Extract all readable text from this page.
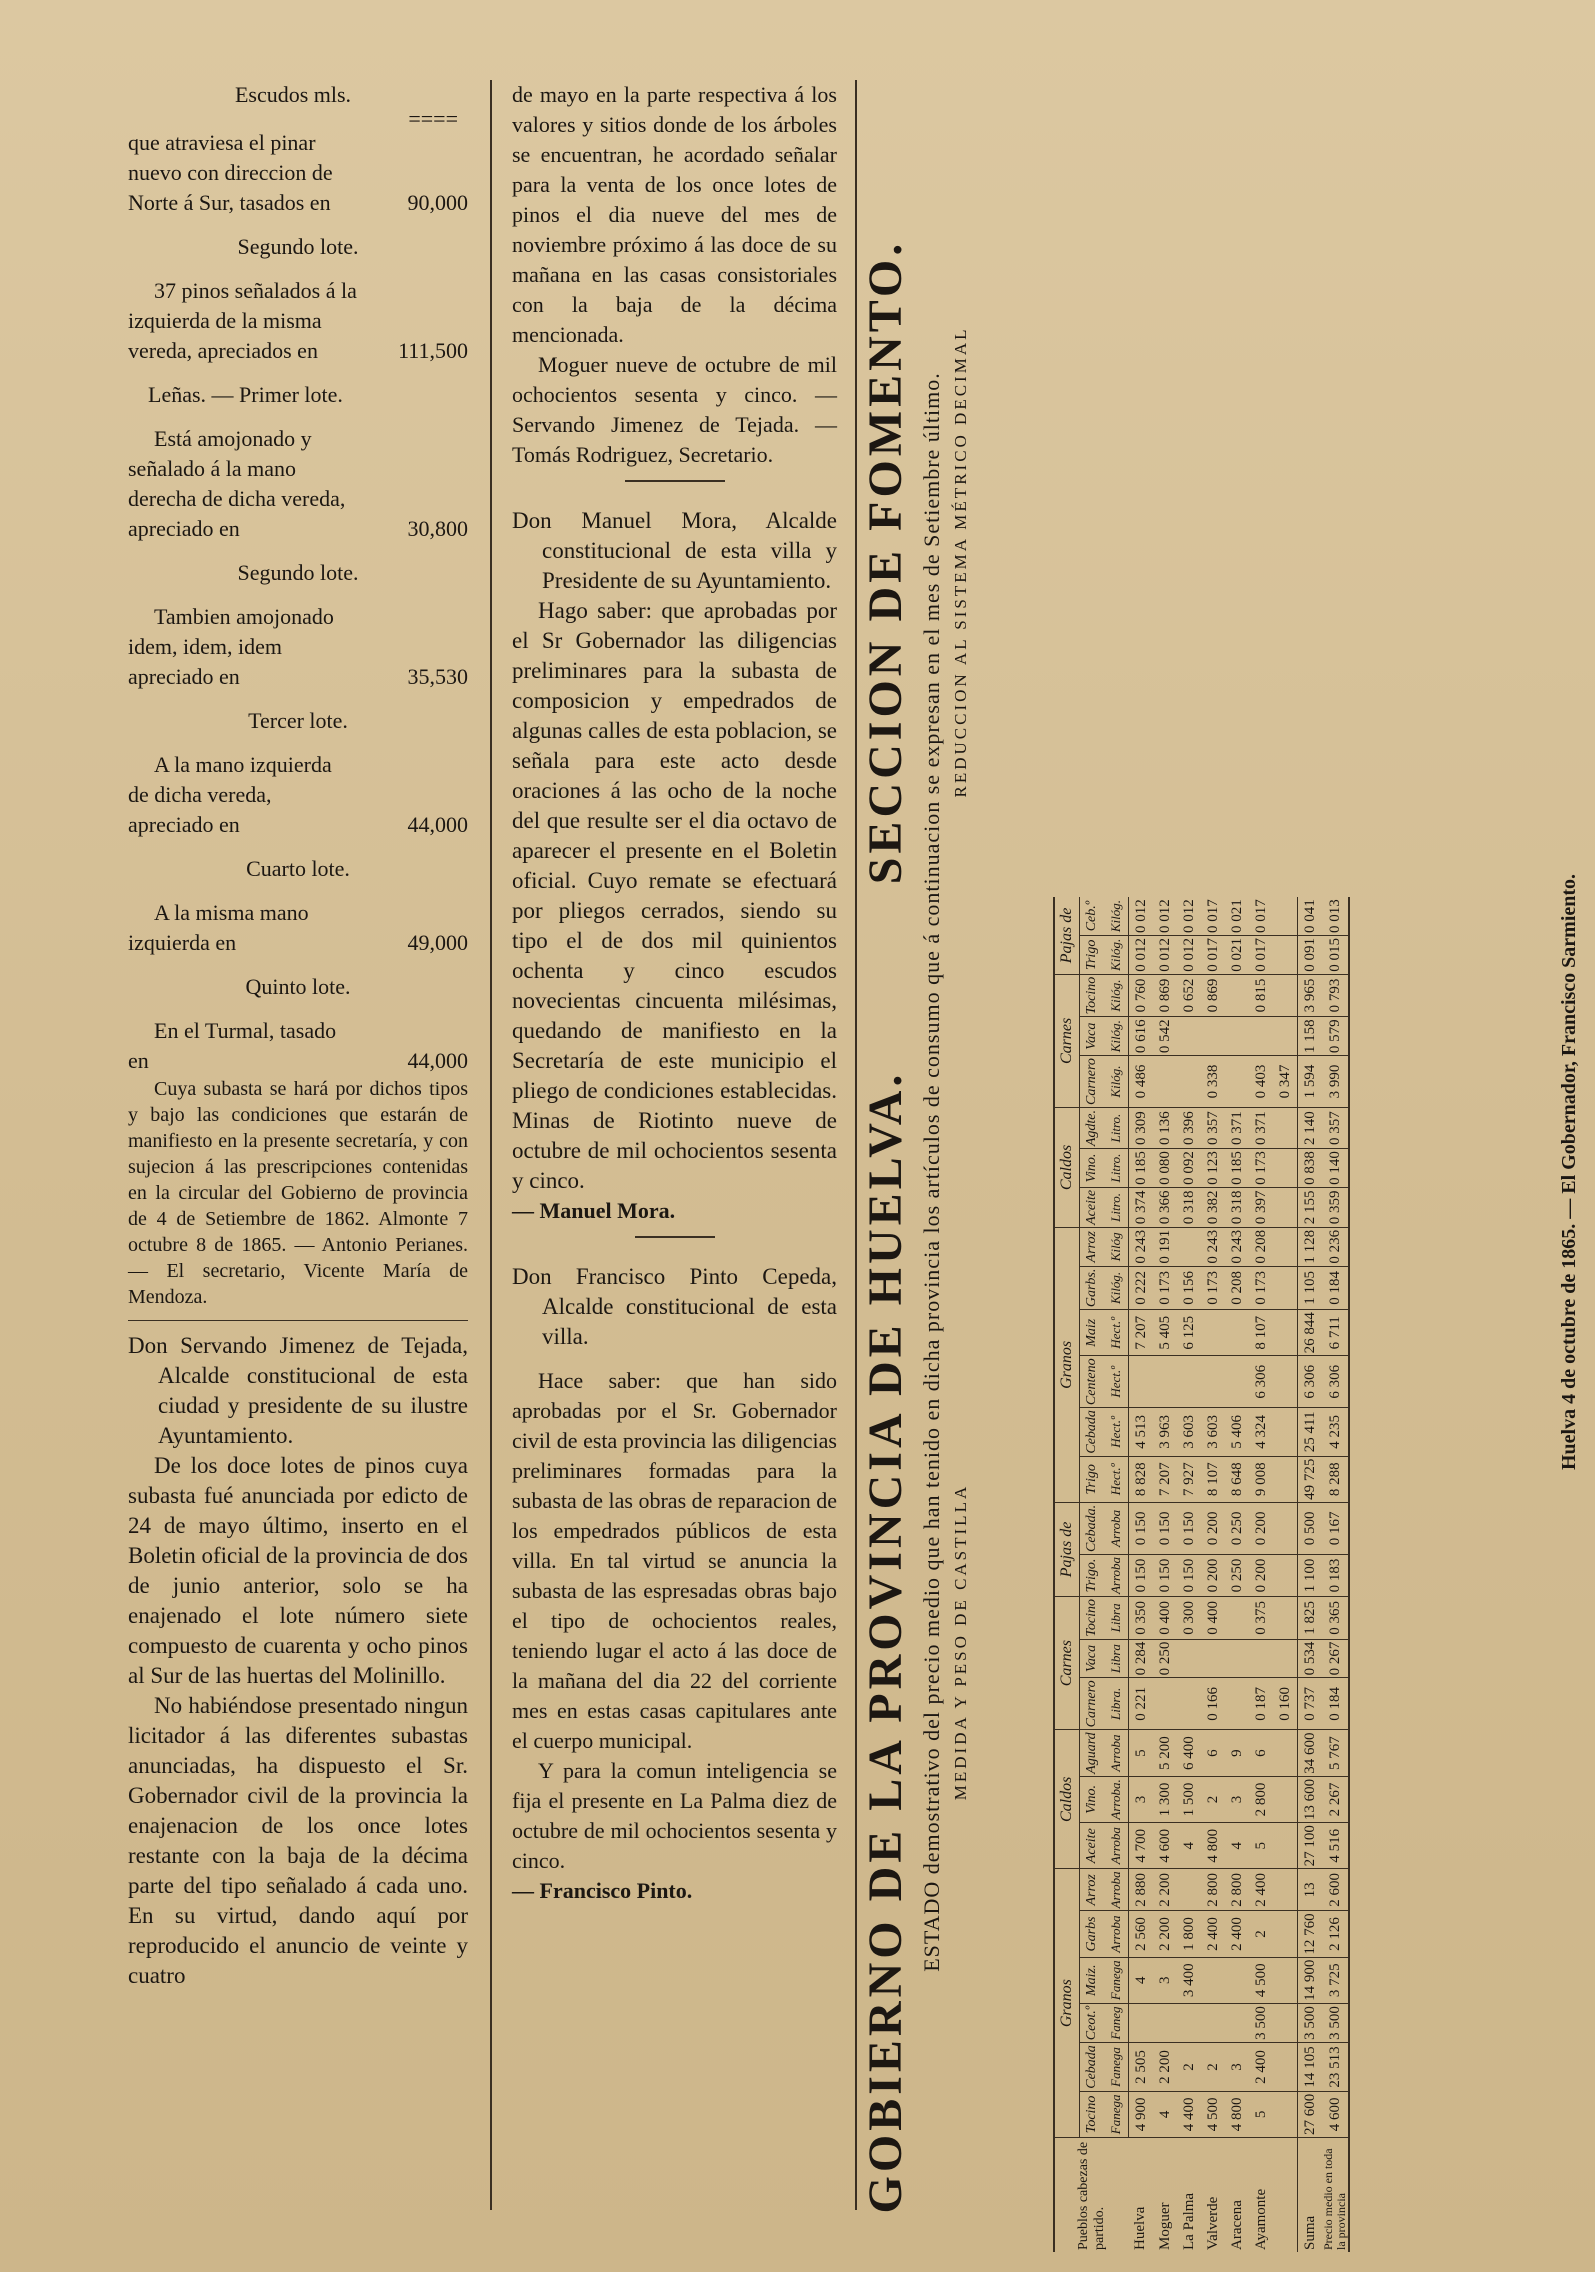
Escudos mls.

====

que atraviesa el pinar nuevo con direccion de Norte á Sur, tasados en	90,000

Segundo lote.

37 pinos señalados á la izquierda de la misma vereda, apreciados en	111,500

Leñas. — Primer lote.

Está amojonado y señalado á la mano derecha de dicha vereda, apreciado en	30,800

Segundo lote.

Tambien amojonado idem, idem, idem apreciado en	35,530

Tercer lote.

A la mano izquierda de dicha vereda, apreciado en	44,000

Cuarto lote.

A la misma mano izquierda en	49,000

Quinto lote.

En el Turmal, tasado en	44,000

Cuya subasta se hará por dichos tipos y bajo las condiciones que estarán de manifiesto en la presente secretaría, y con sujecion á las prescripciones contenidas en la circular del Gobierno de provincia de 4 de Setiembre de 1862. Almonte 7 octubre 8 de 1865. — Antonio Perianes. — El secretario, Vicente María de Mendoza.

Don Servando Jimenez de Tejada, Alcalde constitucional de esta ciudad y presidente de su ilustre Ayuntamiento.

De los doce lotes de pinos cuya subasta fué anunciada por edicto de 24 de mayo último, inserto en el Boletin oficial de la provincia de dos de junio anterior, solo se ha enajenado el lote número siete compuesto de cuarenta y ocho pinos al Sur de las huertas del Molinillo.

No habiéndose presentado ningun licitador á las diferentes subastas anunciadas, ha dispuesto el Sr. Gobernador civil de la provincia la enajenacion de los once lotes restante con la baja de la décima parte del tipo señalado á cada uno. En su virtud, dando aquí por reproducido el anuncio de veinte y cuatro

de mayo en la parte respectiva á los valores y sitios donde de los árboles se encuentran, he acordado señalar para la venta de los once lotes de pinos el dia nueve del mes de noviembre próximo á las doce de su mañana en las casas consistoriales con la baja de la décima mencionada.

Moguer nueve de octubre de mil ochocientos sesenta y cinco. — Servando Jimenez de Tejada. — Tomás Rodriguez, Secretario.

Don Manuel Mora, Alcalde constitucional de esta villa y Presidente de su Ayuntamiento.

Hago saber: que aprobadas por el Sr Gobernador las diligencias preliminares para la subasta de composicion y empedrados de algunas calles de esta poblacion, se señala para este acto desde oraciones á las ocho de la noche del que resulte ser el dia octavo de aparecer el presente en el Boletin oficial. Cuyo remate se efectuará por pliegos cerrados, siendo su tipo el de dos mil quinientos ochenta y cinco escudos novecientas cincuenta milésimas, quedando de manifiesto en la Secretaría de este municipio el pliego de condiciones establecidas. Minas de Riotinto nueve de octubre de mil ochocientos sesenta y cinco.

— Manuel Mora.

Don Francisco Pinto Cepeda, Alcalde constitucional de esta villa.

Hace saber: que han sido aprobadas por el Sr. Gobernador civil de esta provincia las diligencias preliminares formadas para la subasta de las obras de reparacion de los empedrados públicos de esta villa. En tal virtud se anuncia la subasta de las espresadas obras bajo el tipo de ochocientos reales, teniendo lugar el acto á las doce de la mañana del dia 22 del corriente mes en estas casas capitulares ante el cuerpo municipal.

Y para la comun inteligencia se fija el presente en La Palma diez de octubre de mil ochocientos sesenta y cinco.

— Francisco Pinto.	GOBIERNO DE LA PROVINCIA DE HUELVA.
SECCION DE FOMENTO. ESTADO demostrativo del precio medio que han tenido en dicha provincia los artículos de consumo que á continuacion se expresan en el mes de Setiembre último. MEDIDA Y PESO DE CASTILLA
REDUCCION AL SISTEMA MÉTRICO DECIMAL
Pueblos cabezas de partido.	Granos						Caldos			Carnes			Pajas de		Granos						Caldos			Carnes			Pajas de	
	Tocino	Cebada	Ceot.º	Maiz.	Garbs	Arroz	Aceite	Vino.	Aguard	Carnero	Vaca	Tocino	Trigo.	Cebada.	Trigo	Cebada	Centeno	Maiz	Garbs.	Arroz	Aceite	Vino.	Agdte.	Carnero	Vaca	Tocino	Trigo	Ceb.º
	Fanega	Fanega	Faneg	Fanega	Arroba	Arroba	Arroba	Arroba.	Arroba	Libra.	Libra	Libra	Arroba	Arroba	Hect.º	Hect.º	Hect.º	Hect.º	Kilóg.	Kilóg	Litro.	Litro.	Litro.	Kilóg.	Kilóg.	Kilóg.	Kilóg.	Kilóg.
Huelva	4 900	2 505		4	2 560	2 880	4 700	3	5	0 221	0 284	0 350	0 150	0 150	8 828	4 513		7 207	0 222	0 243	0 374	0 185	0 309	0 486	0 616	0 760	0 012	0 012
Moguer	4	2 200		3	2 200	2 200	4 600	1 300	5 200		0 250	0 400	0 150	0 150	7 207	3 963		5 405	0 173	0 191	0 366	0 080	0 136		0 542	0 869	0 012	0 012
La Palma	4 400	2		3 400	1 800		4	1 500	6 400			0 300	0 150	0 150	7 927	3 603		6 125	0 156		0 318	0 092	0 396			0 652	0 012	0 012
Valverde	4 500	2			2 400	2 800	4 800	2	6	0 166		0 400	0 200	0 200	8 107	3 603			0 173	0 243	0 382	0 123	0 357	0 338		0 869	0 017	0 017
Aracena	4 800	3			2 400	2 800	4	3	9				0 250	0 250	8 648	5 406			0 208	0 243	0 318	0 185	0 371				0 021	0 021
Ayamonte	5	2 400	3 500	4 500	2	2 400	5	2 800	6	0 187		0 375	0 200	0 200	9 008	4 324	6 306	8 107	0 173	0 208	0 397	0 173	0 371	0 403		0 815	0 017	0 017
										0 160														0 347				
Suma	27 600	14 105	3 500	14 900	12 760	13	27 100	13 600	34 600	0 737	0 534	1 825	1 100	0 500	49 725	25 411	6 306	26 844	1 105	1 128	2 155	0 838	2 140	1 594	1 158	3 965	0 091	0 041
Precio medio en toda la provincia	4 600	23 513	3 500	3 725	2 126	2 600	4 516	2 267	5 767	0 184	0 267	0 365	0 183	0 167	8 288	4 235	6 306	6 711	0 184	0 236	0 359	0 140	0 357	3 990	0 579	0 793	0 015	0 013	Huelva 4 de octubre de 1865. — El Gobernador, Francisco Sarmiento.
